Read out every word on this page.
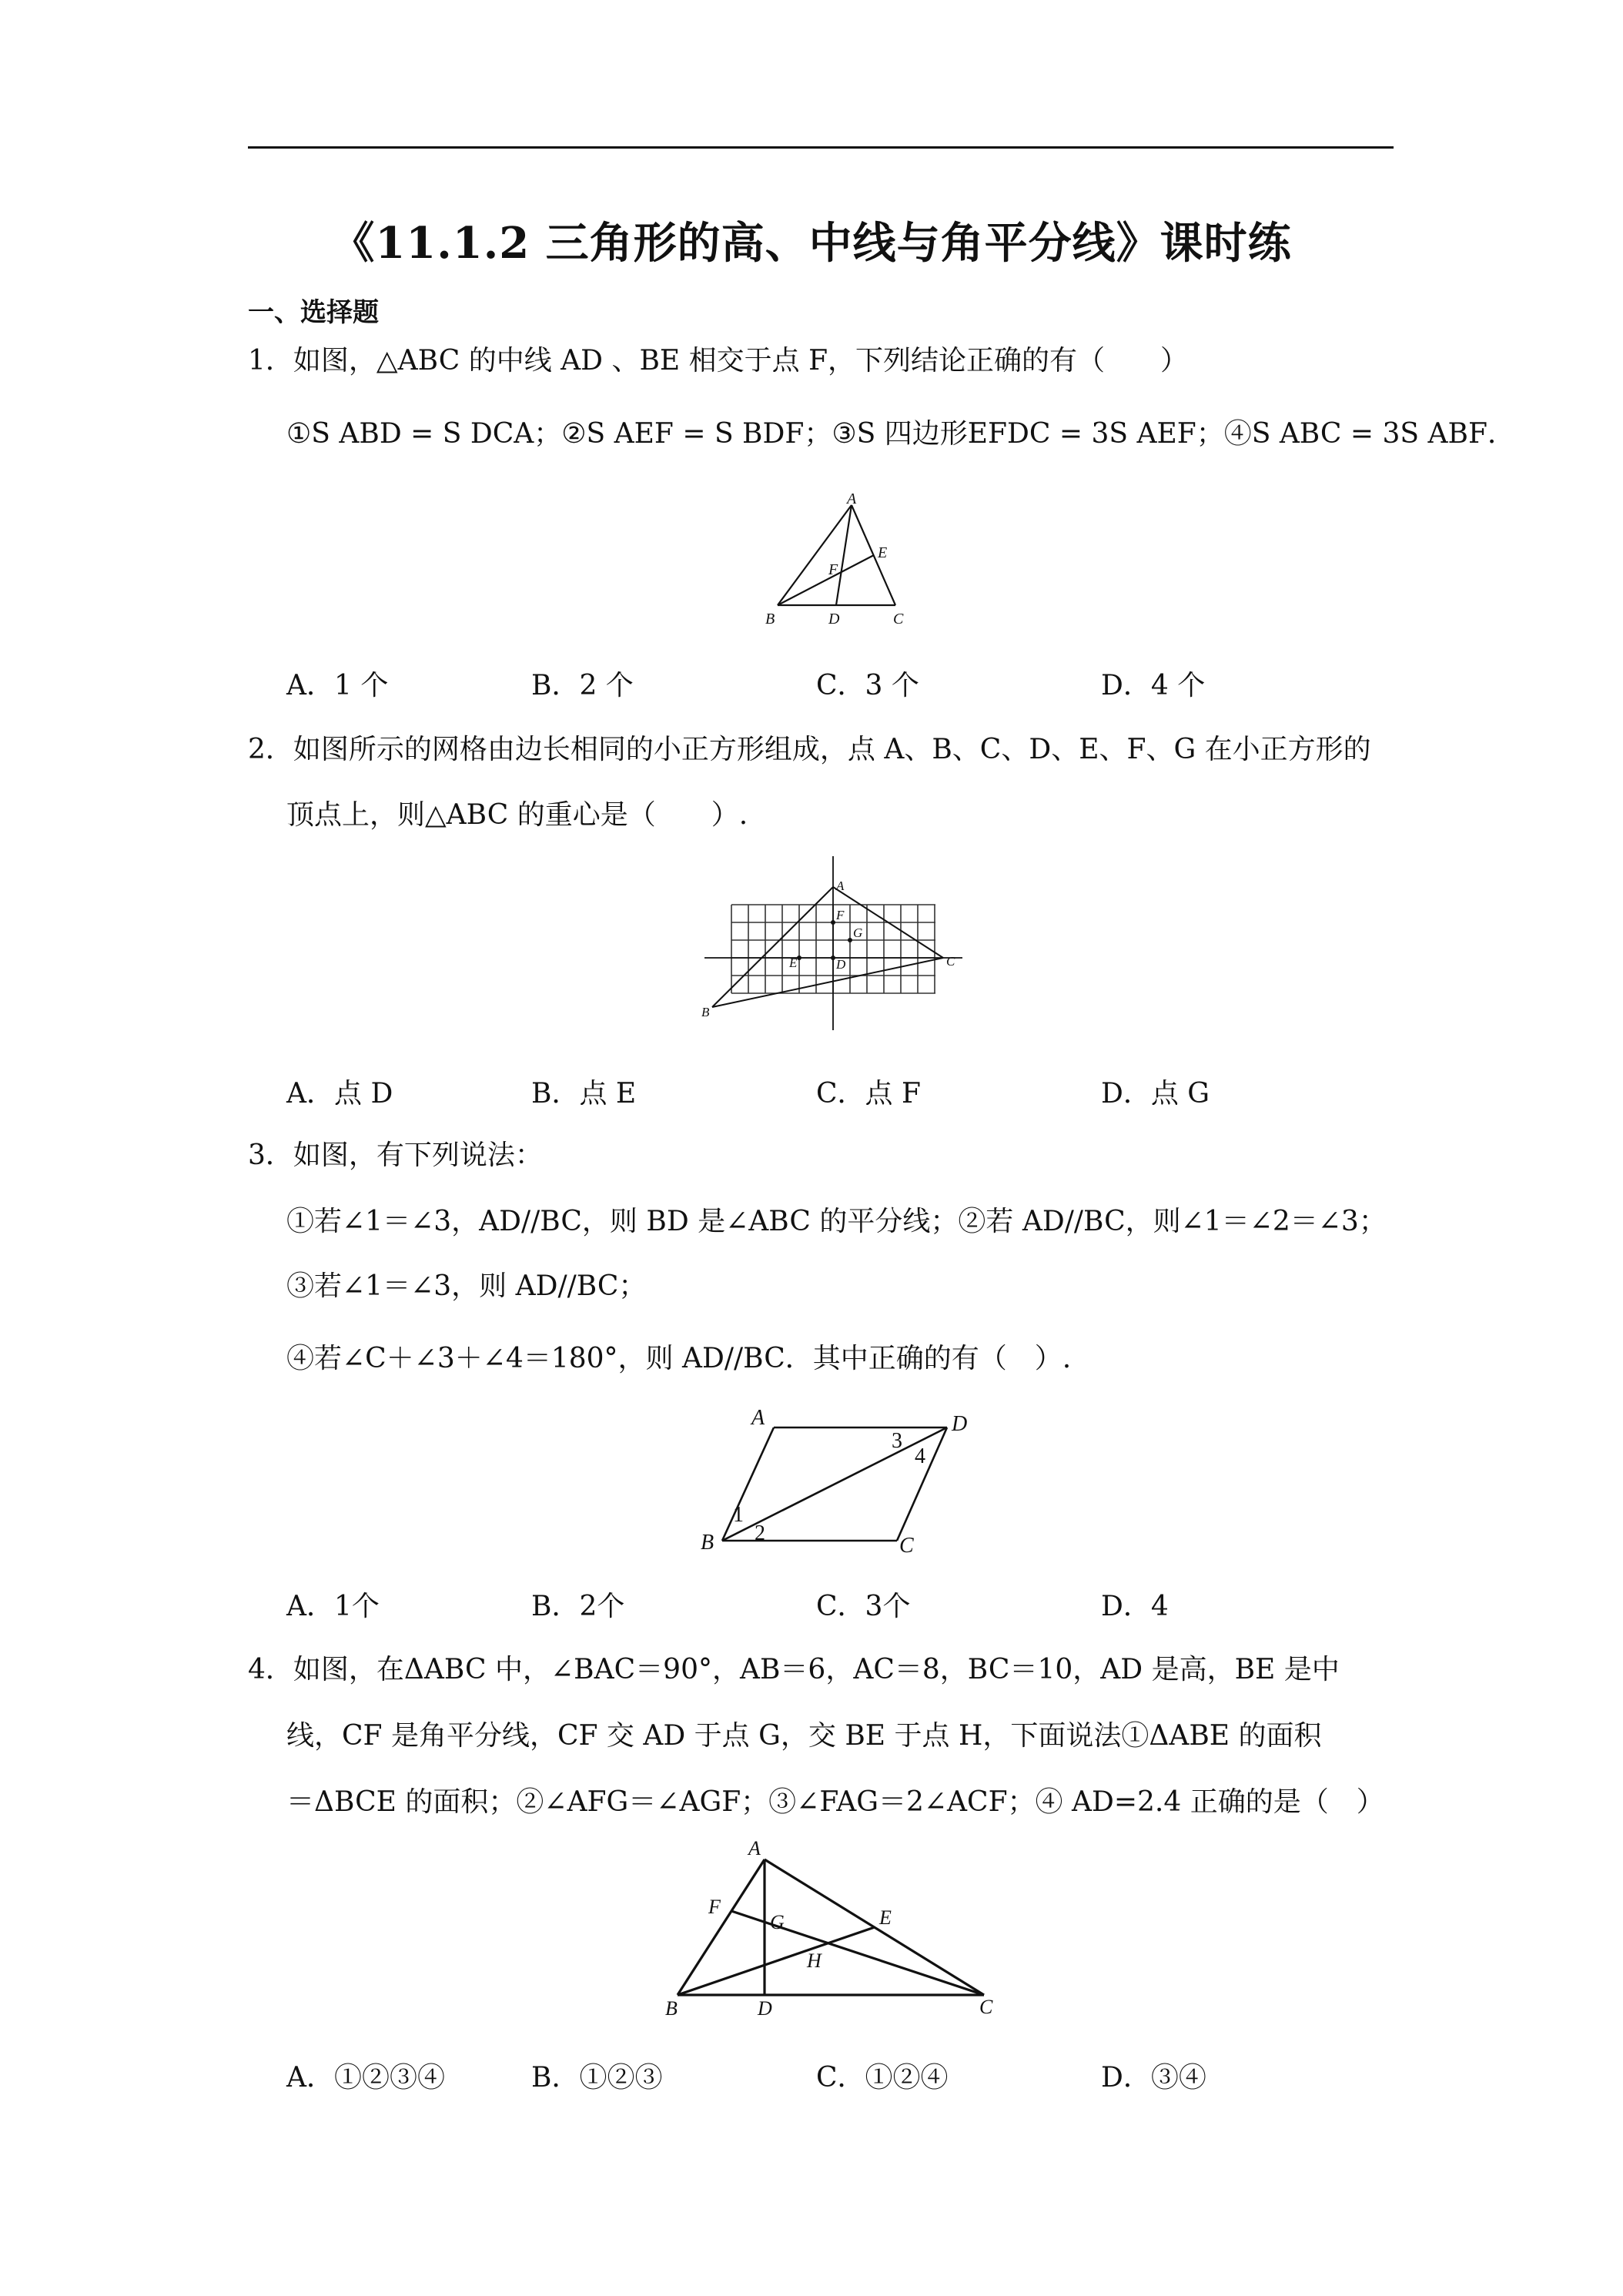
《11.1.2 三角形的高、中线与角平分线》课时练
一、选择题
1．如图，△ABC 的中线 AD 、BE 相交于点 F，下列结论正确的有（　　）
①S ABD = S DCA；②S AEF = S BDF；③S 四边形EFDC = 3S AEF；④S ABC = 3S ABF．
A
E
F
B	D	C
A．1 个	B．2 个	C．3 个	D．4 个
2．如图所示的网格由边长相同的小正方形组成，点 A、B、C、D、E、F、G 在小正方形的
顶点上，则△ABC 的重心是（　　）.
A
F
G
E	D	C
B
A．点 D	B．点 E	C．点 F	D．点 G
3．如图，有下列说法：
①若∠1＝∠3，AD//BC，则 BD 是∠ABC 的平分线；②若 AD//BC，则∠1＝∠2＝∠3；
③若∠1＝∠3，则 AD//BC；
④若∠C＋∠3＋∠4＝180°，则 AD//BC．其中正确的有（　）.
A	D
3
4
1
2
B	C
A．1个	B．2个	C．3个	D．4
4．如图，在ΔABC 中，∠BAC＝90°，AB＝6，AC＝8，BC＝10，AD 是高，BE 是中
线，CF 是角平分线，CF 交 AD 于点 G，交 BE 于点 H，下面说法①ΔABE 的面积
＝ΔBCE 的面积；②∠AFG＝∠AGF；③∠FAG＝2∠ACF；④ AD=2.4 正确的是（　）
A
F
G	E
H
B	D	C
A．①②③④	B．①②③	C．①②④	D．③④
